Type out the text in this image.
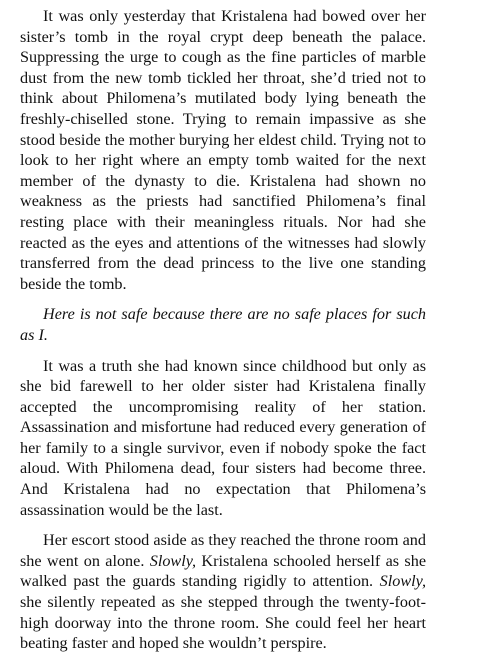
It was only yesterday that Kristalena had bowed over her sister’s tomb in the royal crypt deep beneath the palace. Suppressing the urge to cough as the fine particles of marble dust from the new tomb tickled her throat, she’d tried not to think about Philomena’s mutilated body lying beneath the freshly-chiselled stone. Trying to remain impassive as she stood beside the mother burying her eldest child. Trying not to look to her right where an empty tomb waited for the next member of the dynasty to die. Kristalena had shown no weakness as the priests had sanctified Philomena’s final resting place with their meaningless rituals. Nor had she reacted as the eyes and attentions of the witnesses had slowly transferred from the dead princess to the live one standing beside the tomb.

Here is not safe because there are no safe places for such as I.

It was a truth she had known since childhood but only as she bid farewell to her older sister had Kristalena finally accepted the uncompromising reality of her station. Assassination and misfortune had reduced every generation of her family to a single survivor, even if nobody spoke the fact aloud. With Philomena dead, four sisters had become three. And Kristalena had no expectation that Philomena’s assassination would be the last.

Her escort stood aside as they reached the throne room and she went on alone. Slowly, Kristalena schooled herself as she walked past the guards standing rigidly to attention. Slowly, she silently repeated as she stepped through the twenty-foot-high doorway into the throne room. She could feel her heart beating faster and hoped she wouldn’t perspire.
